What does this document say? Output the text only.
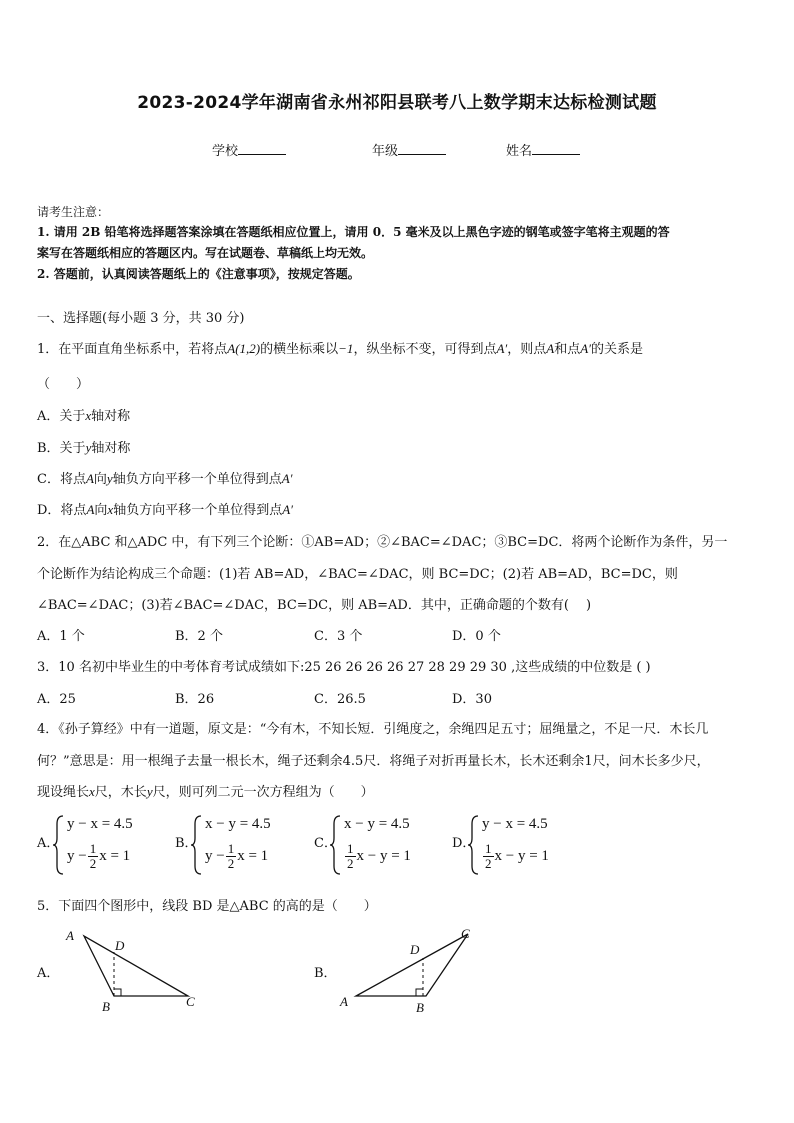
2023-2024学年湖南省永州祁阳县联考八上数学期末达标检测试题
学校	年级	姓名
请考生注意：
1. 请用 2B 铅笔将选择题答案涂填在答题纸相应位置上，请用 0．5 毫米及以上黑色字迹的钢笔或签字笔将主观题的答
案写在答题纸相应的答题区内。写在试题卷、草稿纸上均无效。
2. 答题前，认真阅读答题纸上的《注意事项》，按规定答题。
一、选择题(每小题 3 分，共 30 分)
1．在平面直角坐标系中，若将点A(1,2)的横坐标乘以−1，纵坐标不变，可得到点A′，则点A和点A′的关系是
（　　）
A．关于x轴对称
B．关于y轴对称
C．将点A向y轴负方向平移一个单位得到点A′
D．将点A向x轴负方向平移一个单位得到点A′
2．在△ABC 和△ADC 中，有下列三个论断：①AB=AD；②∠BAC=∠DAC；③BC=DC．将两个论断作为条件，另一
个论断作为结论构成三个命题：(1)若 AB=AD，∠BAC=∠DAC，则 BC=DC；(2)若 AB=AD，BC=DC，则
∠BAC=∠DAC；(3)若∠BAC=∠DAC，BC=DC，则 AB=AD．其中，正确命题的个数有(　 )
A．1 个	B．2 个	C．3 个	D．0 个
3．10 名初中毕业生的中考体育考试成绩如下:25 26 26 26 26 27 28 29 29 30 ,这些成绩的中位数是 ( )
A．25	B．26	C．26.5	D．30
4．《孙子算经》中有一道题，原文是：“今有木，不知长短．引绳度之，余绳四足五寸；屈绳量之，不足一尺．木长几
何？”意思是：用一根绳子去量一根长木，绳子还剩余4.5尺．将绳子对折再量长木，长木还剩余1尺，问木长多少尺，
现设绳长x尺，木长y尺，则可列二元一次方程组为（　　）
A．
y − x = 4.5
$y - \frac{1}{2}$ x = 1
B．
x − y = 4.5
$y - \frac{1}{2}$ x = 1
C．
x − y = 4.5
$\frac{1}{2}$ x − y = 1
D．
y − x = 4.5
$\frac{1}{2}$ x − y = 1
5．下面四个图形中，线段 BD 是△ABC 的高的是（　　）
A．
A
D
B	C
B．
A
D
B
C
